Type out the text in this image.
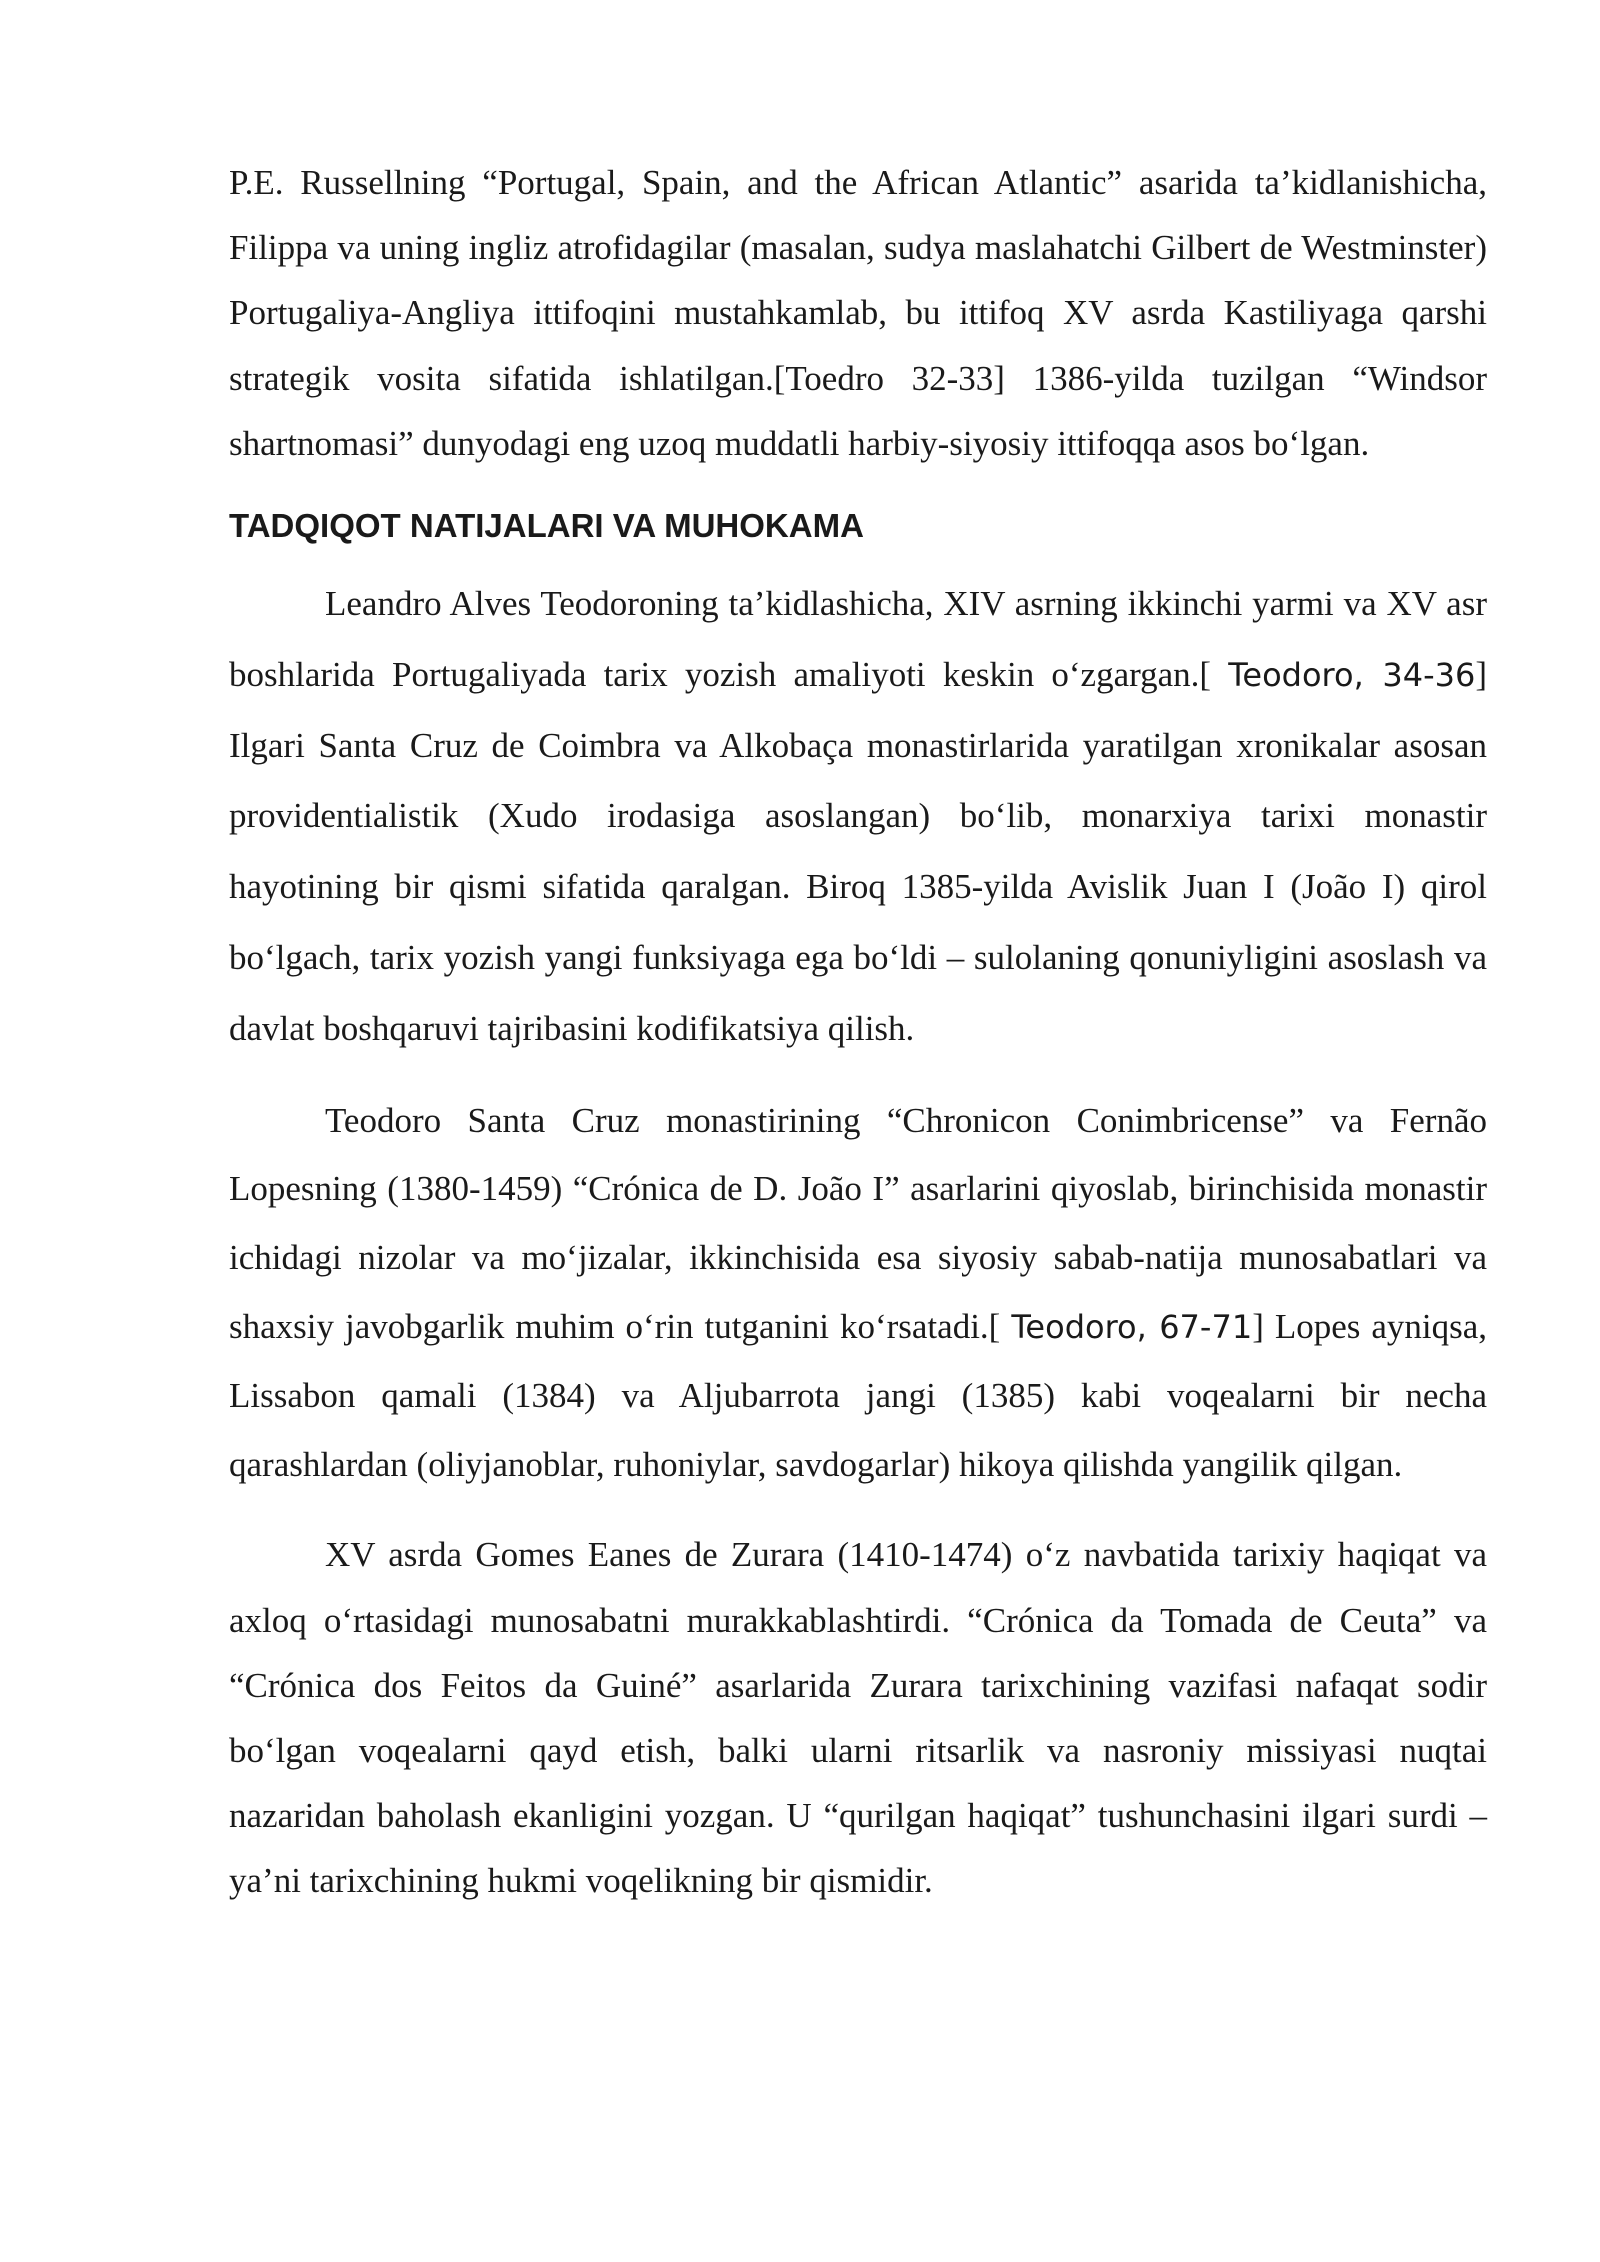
P.E. Russellning “Portugal, Spain, and the African Atlantic” asarida ta’kidlanishicha, Filippa va uning ingliz atrofidagilar (masalan, sudya maslahatchi Gilbert de Westminster) Portugaliya-Angliya ittifoqini mustahkamlab, bu ittifoq XV asrda Kastiliyaga qarshi strategik vosita sifatida ishlatilgan.[Toedro 32-33] 1386-yilda tuzilgan “Windsor shartnomasi” dunyodagi eng uzoq muddatli harbiy-siyosiy ittifoqqa asos bo‘lgan.

TADQIQOT NATIJALARI VA MUHOKAMA

Leandro Alves Teodoroning ta’kidlashicha, XIV asrning ikkinchi yarmi va XV asr boshlarida Portugaliyada tarix yozish amaliyoti keskin o‘zgargan.[ Teodoro, 34-36] Ilgari Santa Cruz de Coimbra va Alkobaça monastirlarida yaratilgan xronikalar asosan providentialistik (Xudo irodasiga asoslangan) bo‘lib, monarxiya tarixi monastir hayotining bir qismi sifatida qaralgan. Biroq 1385-yilda Avislik Juan I (João I) qirol bo‘lgach, tarix yozish yangi funksiyaga ega bo‘ldi – sulolaning qonuniyligini asoslash va davlat boshqaruvi tajribasini kodifikatsiya qilish.

Teodoro Santa Cruz monastirining “Chronicon Conimbricense” va Fernão Lopesning (1380-1459) “Crónica de D. João I” asarlarini qiyoslab, birinchisida monastir ichidagi nizolar va mo‘jizalar, ikkinchisida esa siyosiy sabab-natija munosabatlari va shaxsiy javobgarlik muhim o‘rin tutganini ko‘rsatadi.[ Teodoro, 67-71] Lopes ayniqsa, Lissabon qamali (1384) va Aljubarrota jangi (1385) kabi voqealarni bir necha qarashlardan (oliyjanoblar, ruhoniylar, savdogarlar) hikoya qilishda yangilik qilgan.

XV asrda Gomes Eanes de Zurara (1410-1474) o‘z navbatida tarixiy haqiqat va axloq o‘rtasidagi munosabatni murakkablashtirdi. “Crónica da Tomada de Ceuta” va “Crónica dos Feitos da Guiné” asarlarida Zurara tarixchining vazifasi nafaqat sodir bo‘lgan voqealarni qayd etish, balki ularni ritsarlik va nasroniy missiyasi nuqtai nazaridan baholash ekanligini yozgan. U “qurilgan haqiqat” tushunchasini ilgari surdi – ya’ni tarixchining hukmi voqelikning bir qismidir.
